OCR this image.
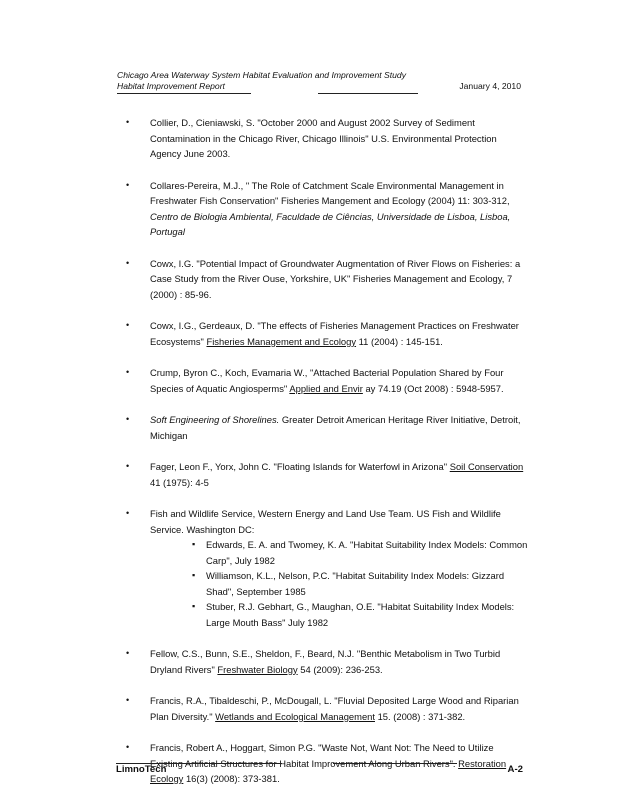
Chicago Area Waterway System Habitat Evaluation and Improvement Study
Habitat Improvement Report	January 4, 2010
• Collier, D., Cieniawski, S. "October 2000 and August 2002 Survey of Sediment Contamination in the Chicago River, Chicago Illinois" U.S. Environmental Protection Agency June 2003.
• Collares-Pereira, M.J., " The Role of Catchment Scale Environmental Management in Freshwater Fish Conservation" Fisheries Mangement and Ecology (2004) 11: 303-312, Centro de Biologia Ambiental, Faculdade de Ciências, Universidade de Lisboa, Lisboa, Portugal
• Cowx, I.G. "Potential Impact of Groundwater Augmentation of River Flows on Fisheries: a Case Study from the River Ouse, Yorkshire, UK" Fisheries Management and Ecology, 7 (2000) : 85-96.
• Cowx, I.G., Gerdeaux, D. "The effects of Fisheries Management Practices on Freshwater Ecosystems" Fisheries Management and Ecology 11 (2004) : 145-151.
• Crump, Byron C., Koch, Evamaria W., "Attached Bacterial Population Shared by Four Species of Aquatic Angiosperms" Applied and Envir ay 74.19 (Oct 2008) : 5948-5957.
• Soft Engineering of Shorelines. Greater Detroit American Heritage River Initiative, Detroit, Michigan
• Fager, Leon F., Yorx, John C. "Floating Islands for Waterfowl in Arizona" Soil Conservation 41 (1975): 4-5
• Fish and Wildlife Service, Western Energy and Land Use Team. US Fish and Wildlife Service. Washington DC:
▪ Edwards, E. A. and Twomey, K. A. "Habitat Suitability Index Models: Common Carp", July 1982
▪ Williamson, K.L., Nelson, P.C. "Habitat Suitability Index Models: Gizzard Shad", September 1985
▪ Stuber, R.J. Gebhart, G., Maughan, O.E. "Habitat Suitability Index Models: Large Mouth Bass" July 1982
• Fellow, C.S., Bunn, S.E., Sheldon, F., Beard, N.J. "Benthic Metabolism in Two Turbid Dryland Rivers" Freshwater Biology 54 (2009): 236-253.
• Francis, R.A., Tibaldeschi, P., McDougall, L. "Fluvial Deposited Large Wood and Riparian Plan Diversity." Wetlands and Ecological Management 15. (2008) : 371-382.
• Francis, Robert A., Hoggart, Simon P.G. "Waste Not, Want Not: The Need to Utilize Existing Artificial Structures for Habitat Improvement Along Urban Rivers". Restoration Ecology 16(3) (2008): 373-381.
LimnoTech	A-2
